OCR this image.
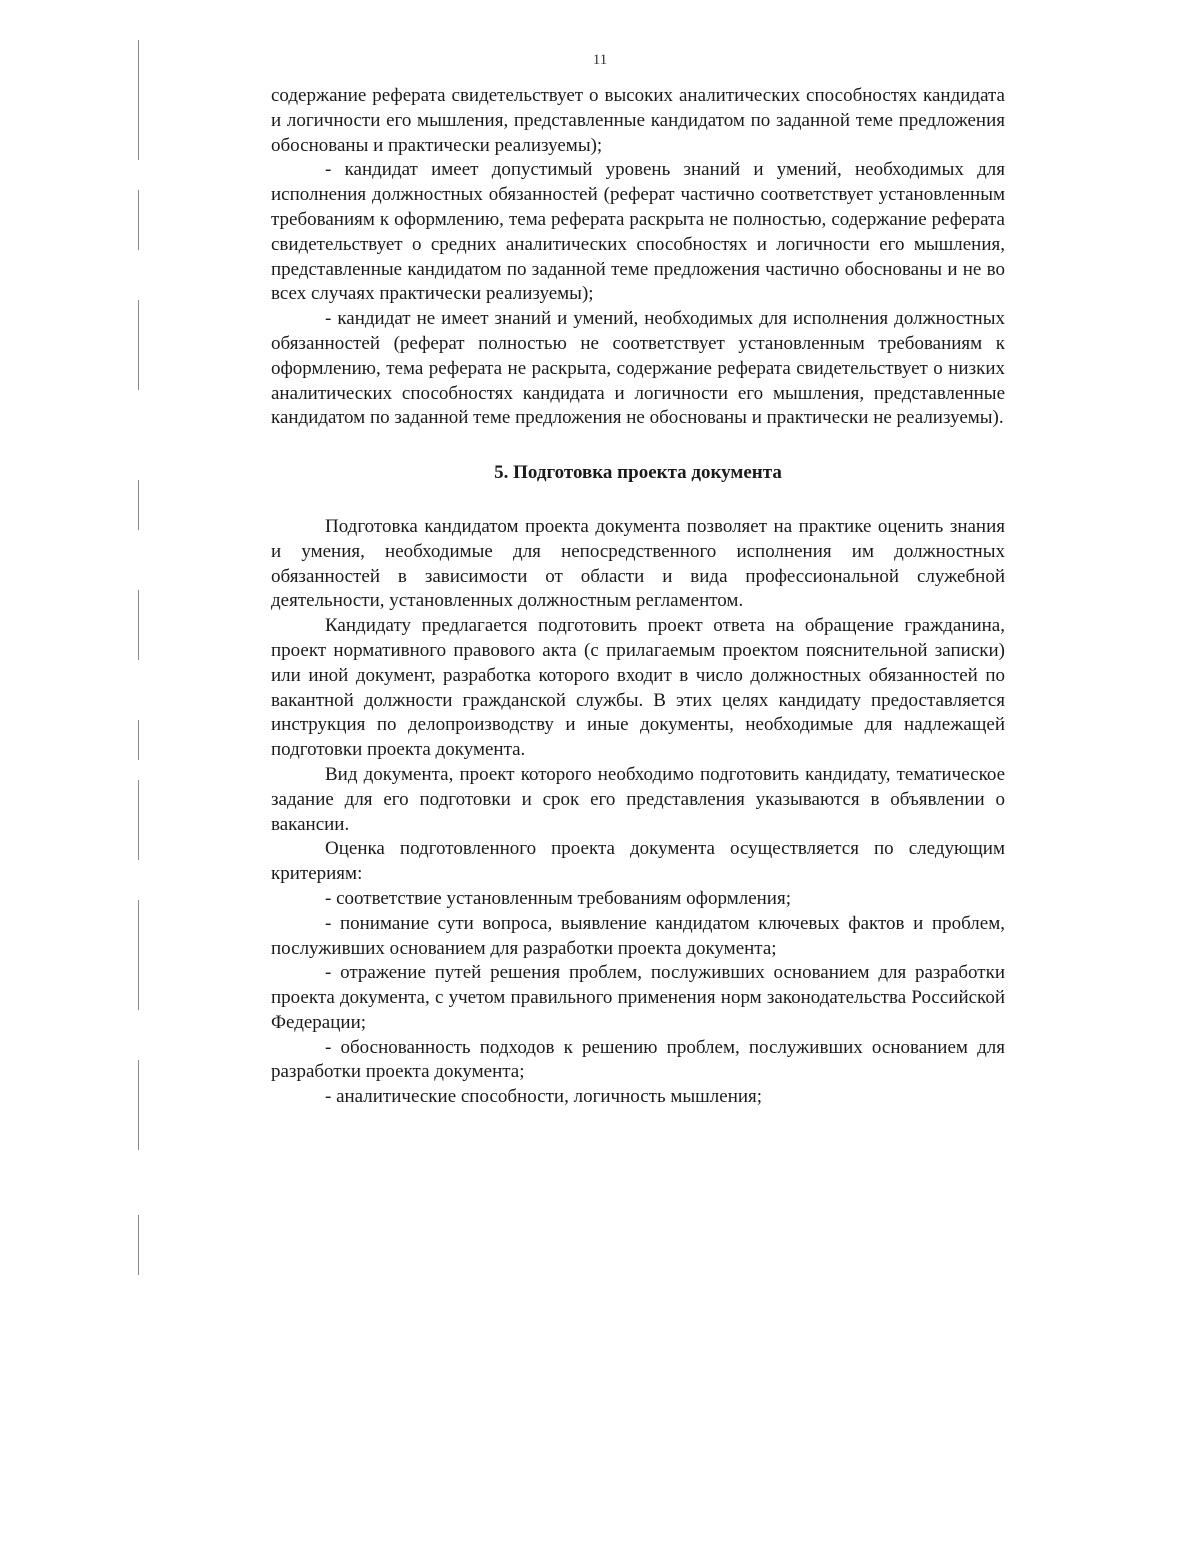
11

содержание реферата свидетельствует о высоких аналитических способностях кандидата и логичности его мышления, представленные кандидатом по заданной теме предложения обоснованы и практически реализуемы);

- кандидат имеет допустимый уровень знаний и умений, необходимых для исполнения должностных обязанностей (реферат частично соответствует установленным требованиям к оформлению, тема реферата раскрыта не полностью, содержание реферата свидетельствует о средних аналитических способностях и логичности его мышления, представленные кандидатом по заданной теме предложения частично обоснованы и не во всех случаях практически реализуемы);

- кандидат не имеет знаний и умений, необходимых для исполнения должностных обязанностей (реферат полностью не соответствует установленным требованиям к оформлению, тема реферата не раскрыта, содержание реферата свидетельствует о низких аналитических способностях кандидата и логичности его мышления, представленные кандидатом по заданной теме предложения не обоснованы и практически не реализуемы).

5. Подготовка проекта документа

Подготовка кандидатом проекта документа позволяет на практике оценить знания и умения, необходимые для непосредственного исполнения им должностных обязанностей в зависимости от области и вида профессиональной служебной деятельности, установленных должностным регламентом.

Кандидату предлагается подготовить проект ответа на обращение гражданина, проект нормативного правового акта (с прилагаемым проектом пояснительной записки) или иной документ, разработка которого входит в число должностных обязанностей по вакантной должности гражданской службы. В этих целях кандидату предоставляется инструкция по делопроизводству и иные документы, необходимые для надлежащей подготовки проекта документа.

Вид документа, проект которого необходимо подготовить кандидату, тематическое задание для его подготовки и срок его представления указываются в объявлении о вакансии.

Оценка подготовленного проекта документа осуществляется по следующим критериям:

- соответствие установленным требованиям оформления;

- понимание сути вопроса, выявление кандидатом ключевых фактов и проблем, послуживших основанием для разработки проекта документа;

- отражение путей решения проблем, послуживших основанием для разработки проекта документа, с учетом правильного применения норм законодательства Российской Федерации;

- обоснованность подходов к решению проблем, послуживших основанием для разработки проекта документа;

- аналитические способности, логичность мышления;
